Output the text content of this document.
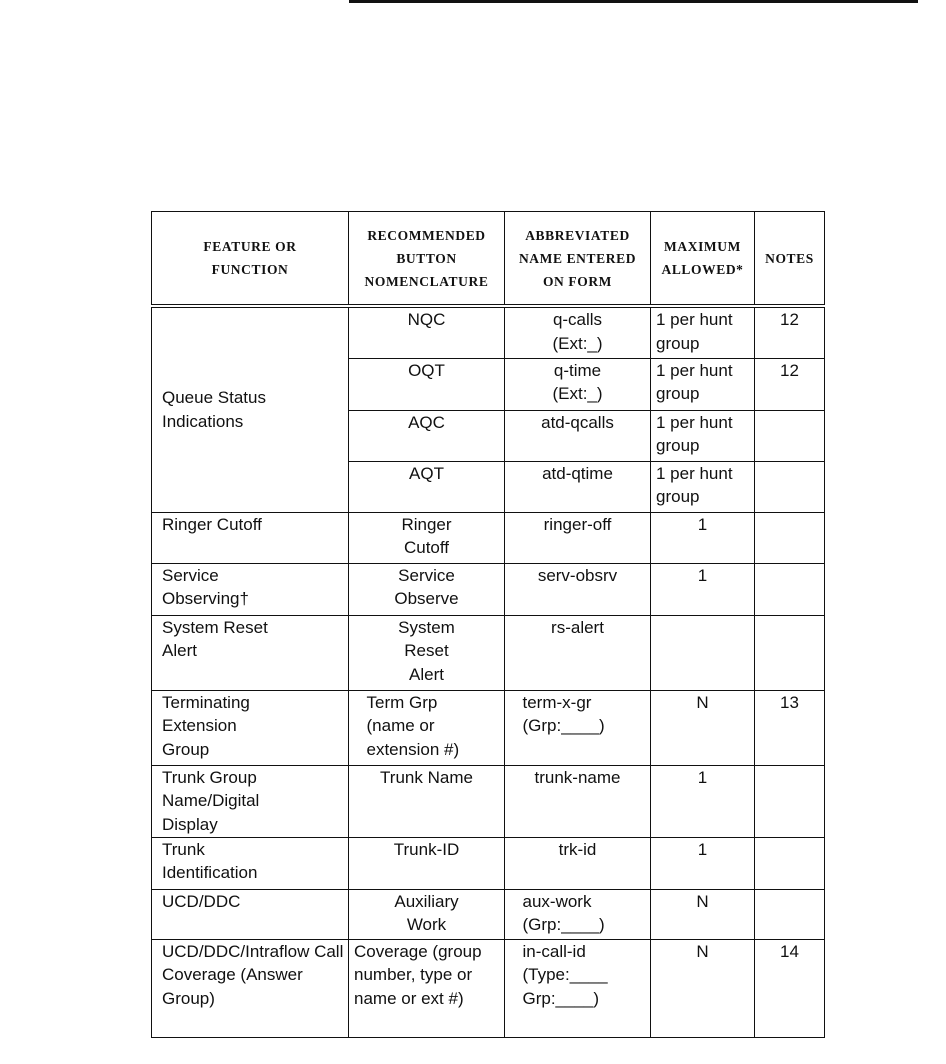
FEATURE OR FUNCTION	RECOMMENDED BUTTON NOMENCLATURE	ABBREVIATED NAME ENTERED ON FORM	MAXIMUM ALLOWED*	NOTES

Queue Status Indications	NQC	q-calls (Ext:_)	1 per hunt group	12
	OQT	q-time (Ext:_)	1 per hunt group	12
	AQC	atd-qcalls	1 per hunt group	

	AQT	atd-qtime	1 per hunt group	

Ringer Cutoff	Ringer Cutoff	ringer-off	1	

Service Observing†	Service Observe	serv-obsrv	1	

System Reset Alert	System Reset Alert	rs-alert		

Terminating Extension Group	Term Grp (name or extension #)	term-x-gr (Grp:____)	N	13

Trunk Group Name/Digital Display	Trunk Name	trunk-name	1	

Trunk Identification	Trunk-ID	trk-id	1	
UCD/DDC	Auxiliary Work	aux-work (Grp:____)	N	

UCD/DDC/Intraflow Call Coverage (Answer Group)	Coverage (group number, type or name or ext #)	in-call-id (Type:____ Grp:____)	N	14
